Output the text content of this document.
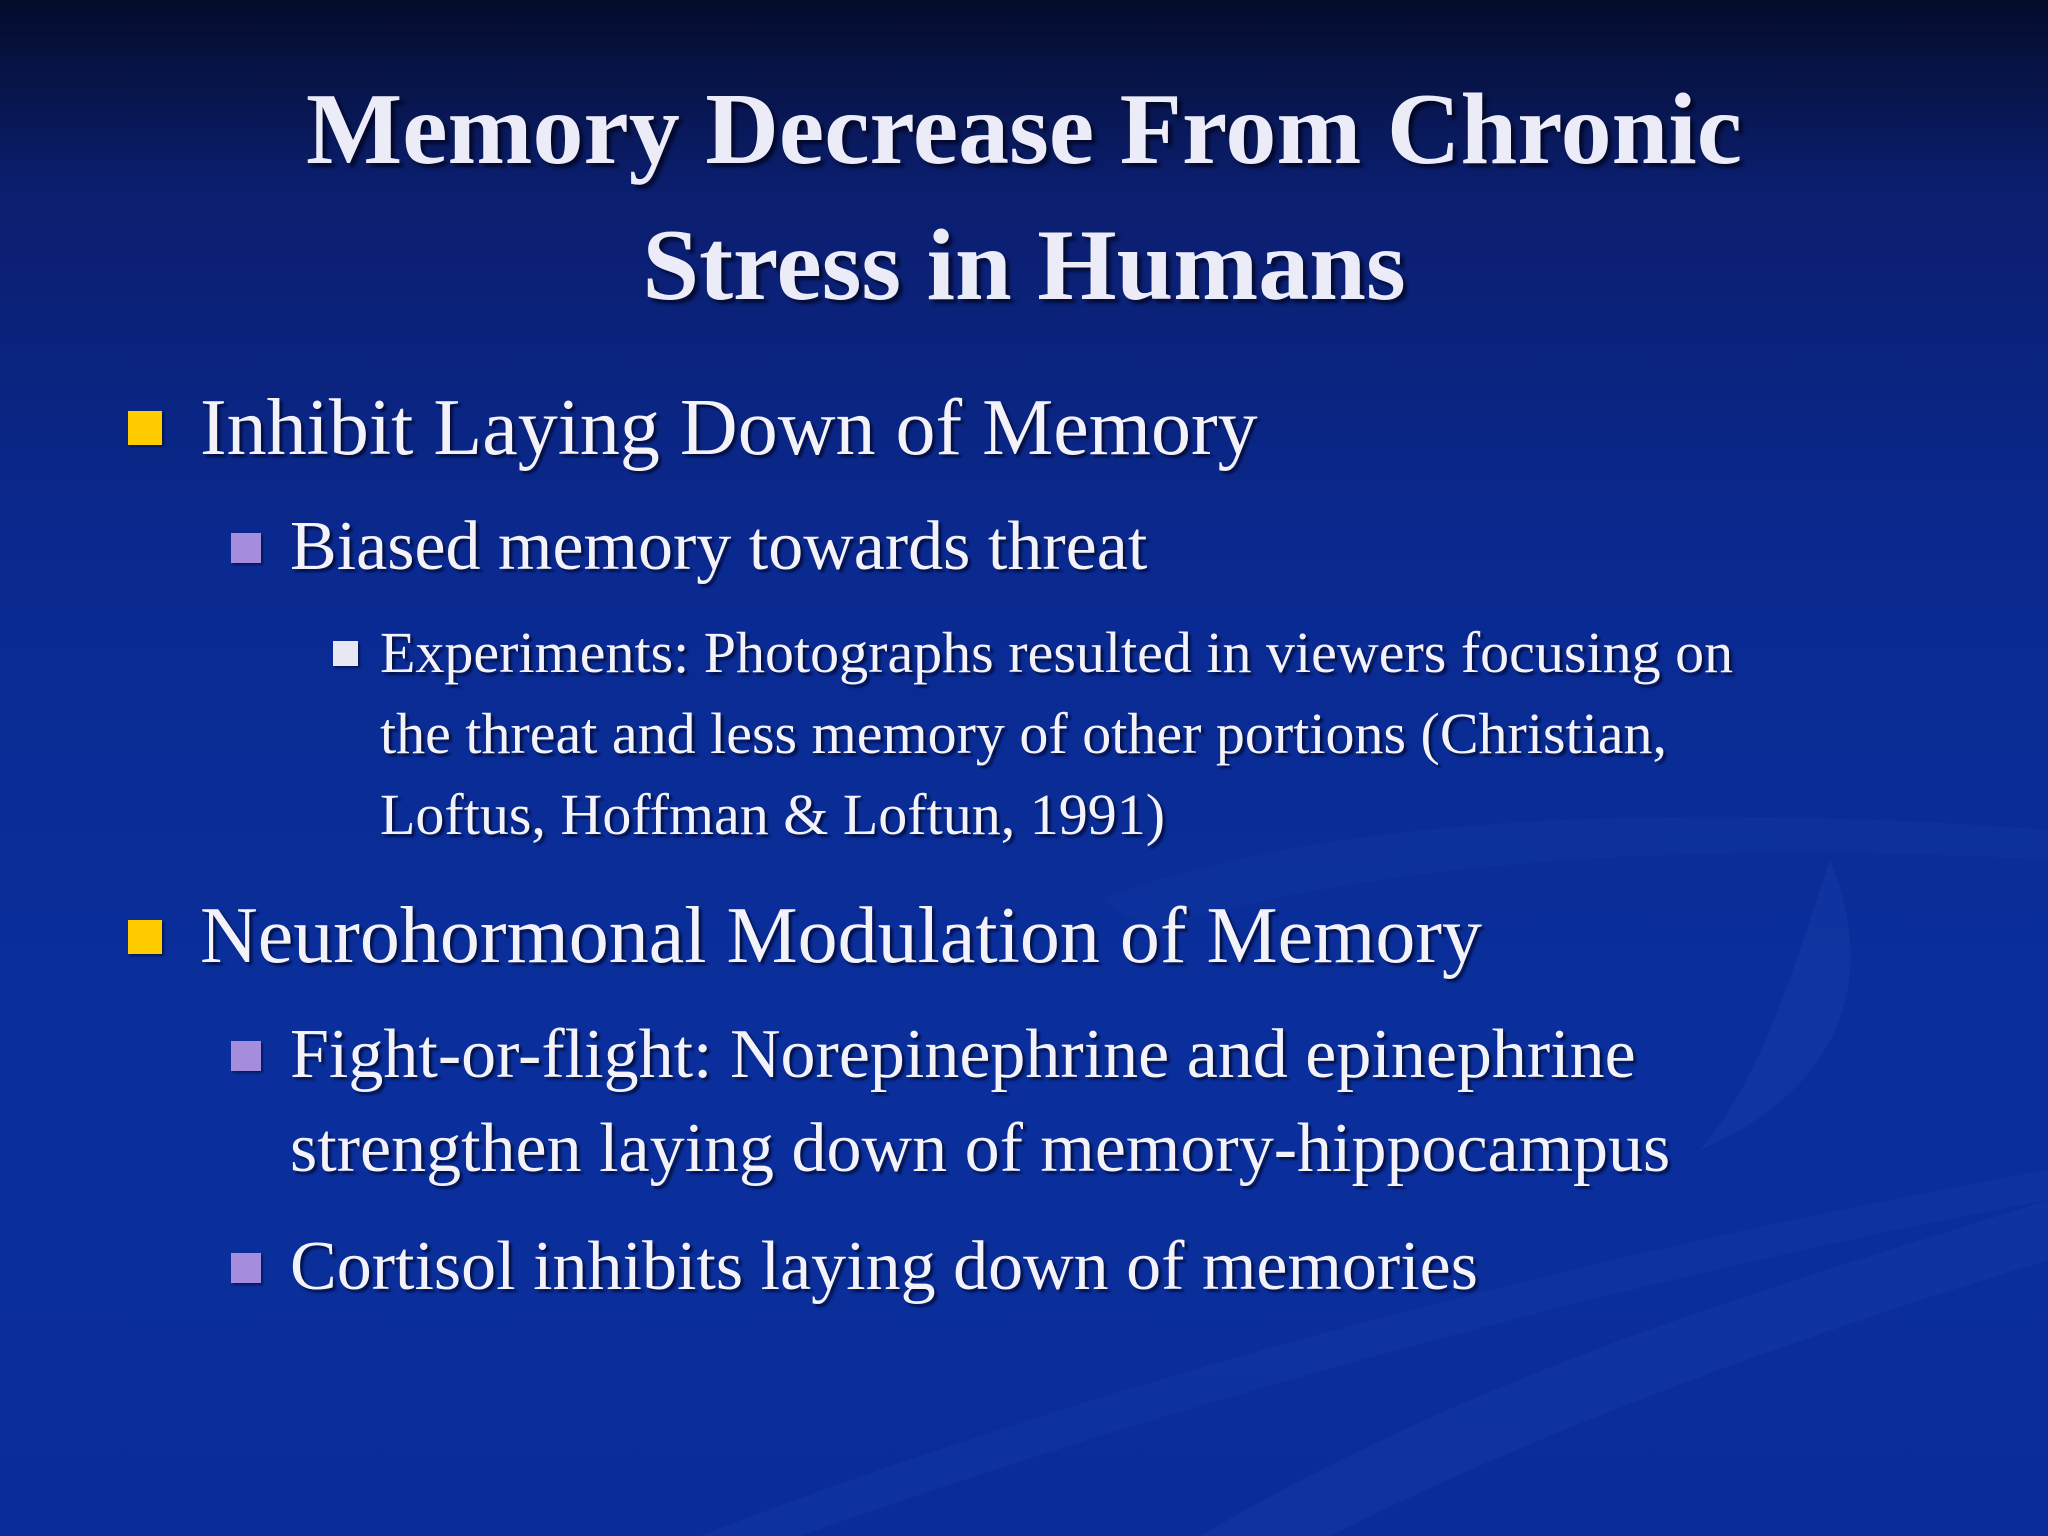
Memory Decrease From Chronic
Stress in Humans
Inhibit Laying Down of Memory
Biased memory towards threat
Experiments: Photographs resulted in viewers focusing on
the threat and less memory of other portions (Christian,
Loftus, Hoffman & Loftun, 1991)
Neurohormonal Modulation of Memory
Fight-or-flight: Norepinephrine and epinephrine
strengthen laying down of memory-hippocampus
Cortisol inhibits laying down of memories
